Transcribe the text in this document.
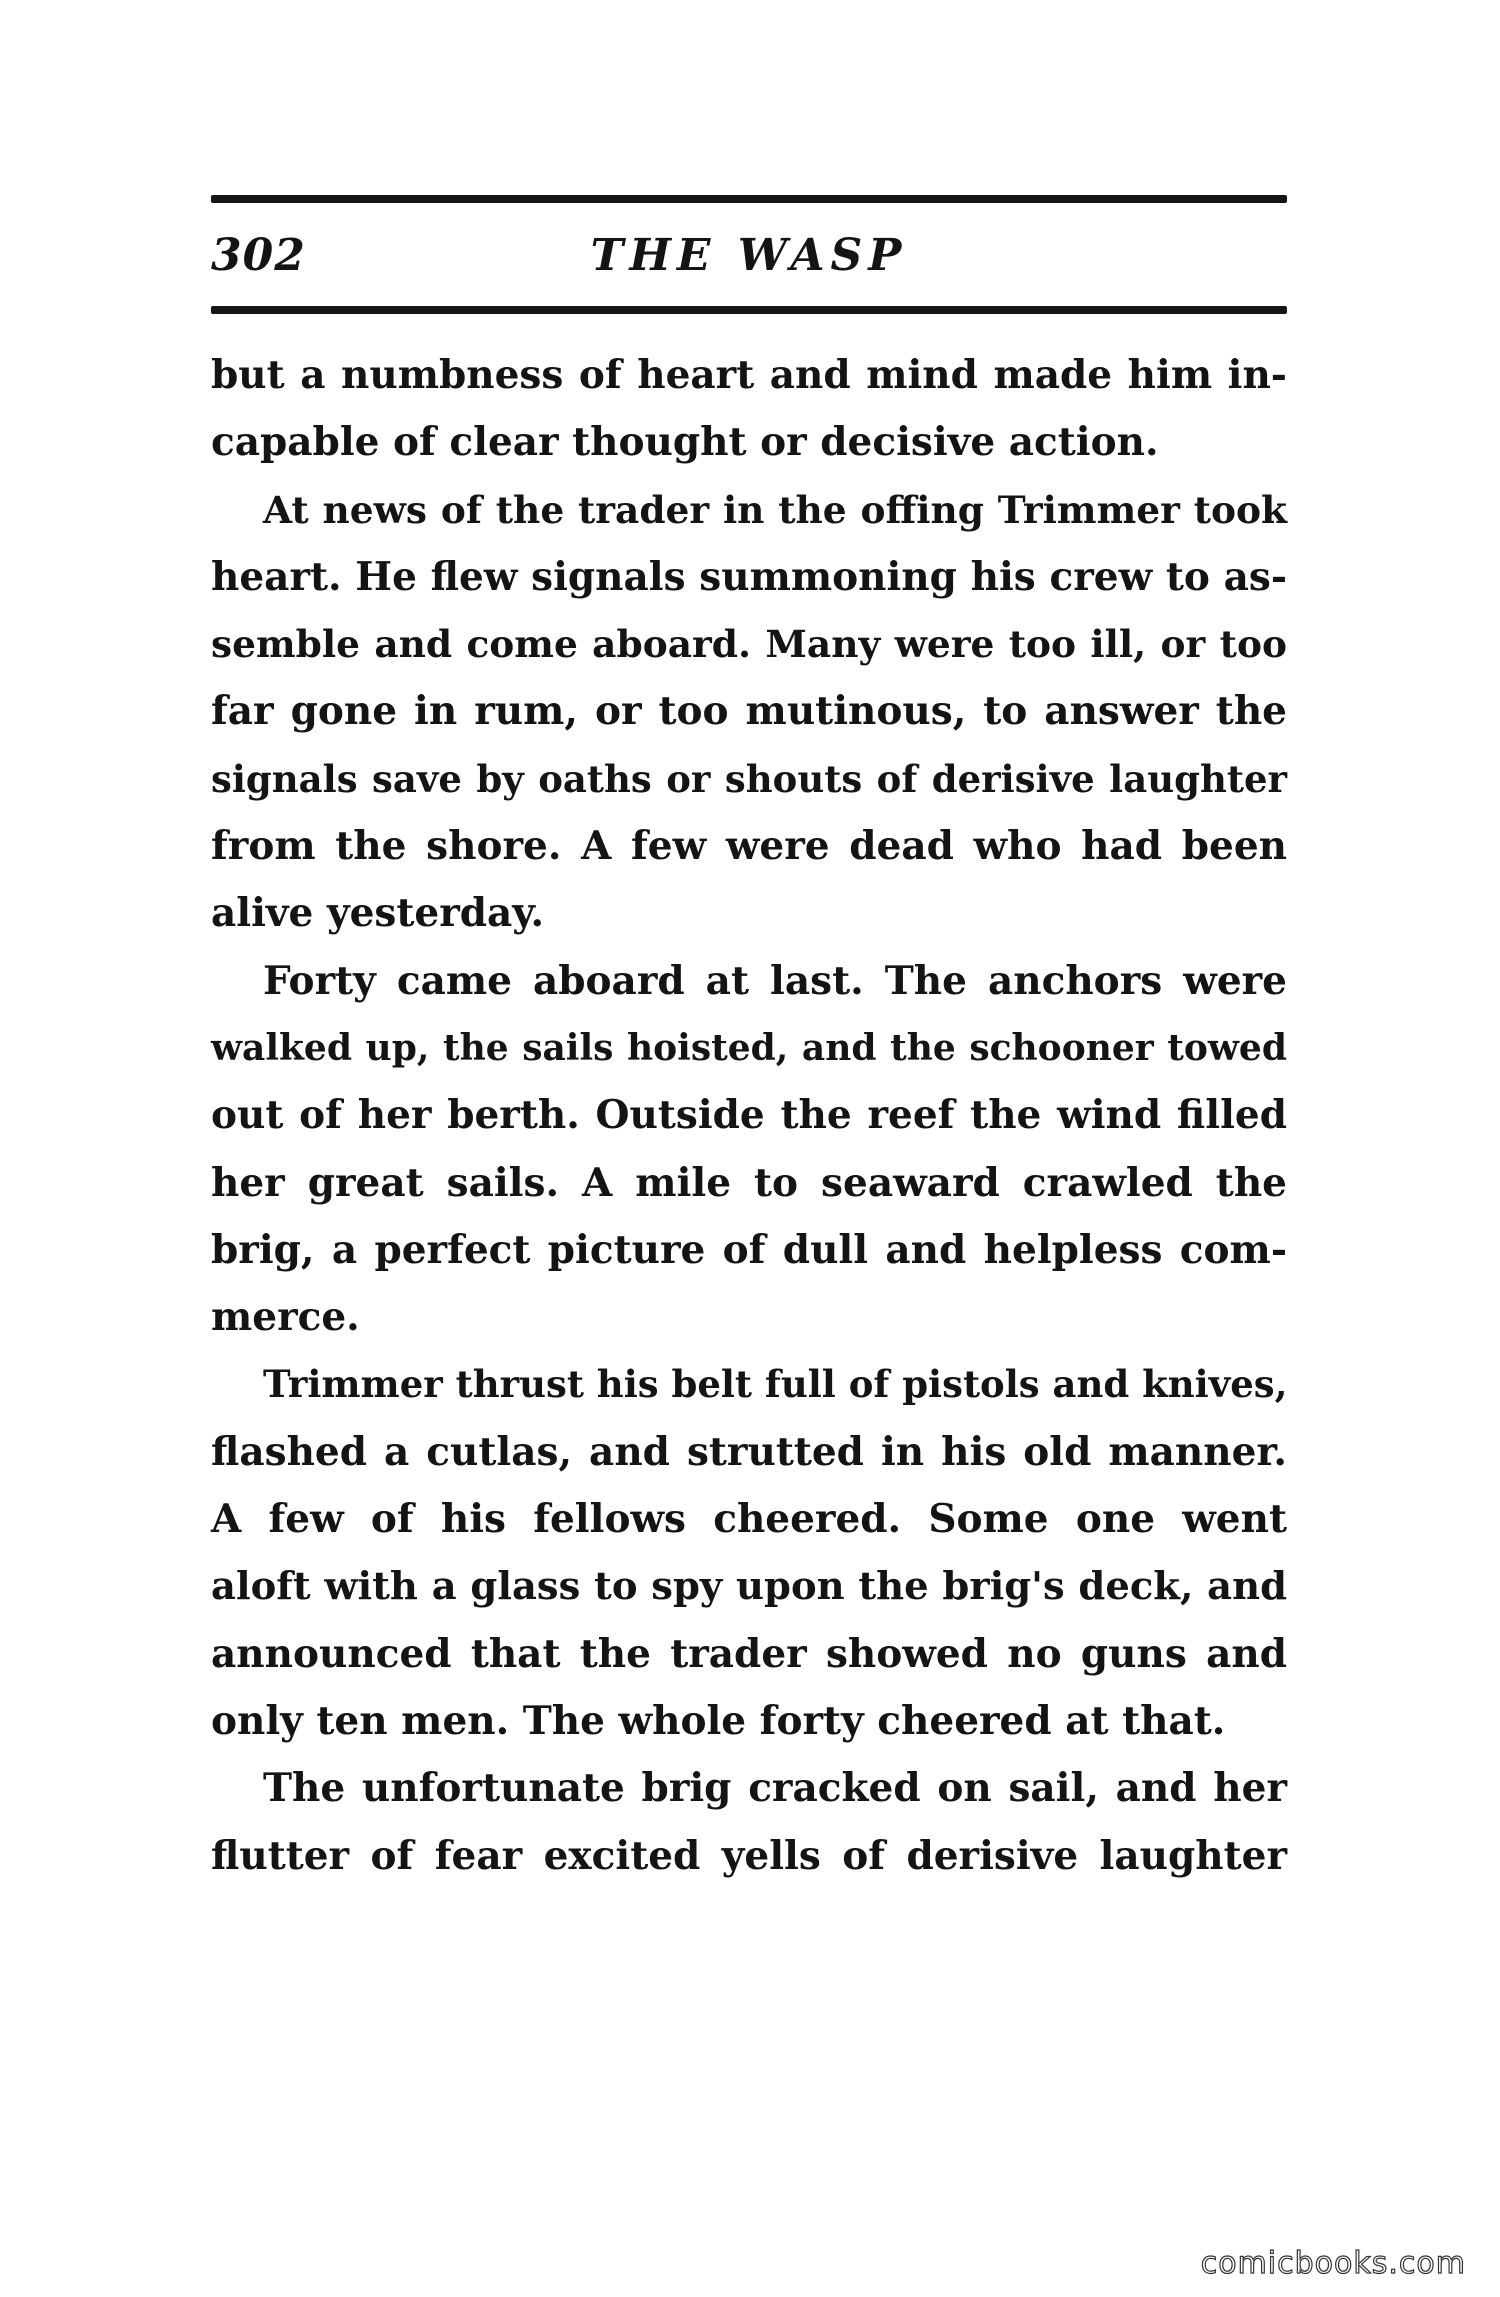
302	THE WASP
but a numbness of heart and mind made him in-
capable of clear thought or decisive action.
At news of the trader in the offing Trimmer took
heart. He flew signals summoning his crew to as-
semble and come aboard. Many were too ill, or too
far gone in rum, or too mutinous, to answer the
signals save by oaths or shouts of derisive laughter
from the shore. A few were dead who had been
alive yesterday.
Forty came aboard at last. The anchors were
walked up, the sails hoisted, and the schooner towed
out of her berth. Outside the reef the wind filled
her great sails. A mile to seaward crawled the
brig, a perfect picture of dull and helpless com-
merce.
Trimmer thrust his belt full of pistols and knives,
flashed a cutlas, and strutted in his old manner.
A few of his fellows cheered. Some one went
aloft with a glass to spy upon the brig's deck, and
announced that the trader showed no guns and
only ten men. The whole forty cheered at that.
The unfortunate brig cracked on sail, and her
flutter of fear excited yells of derisive laughter
comicbooks.com
